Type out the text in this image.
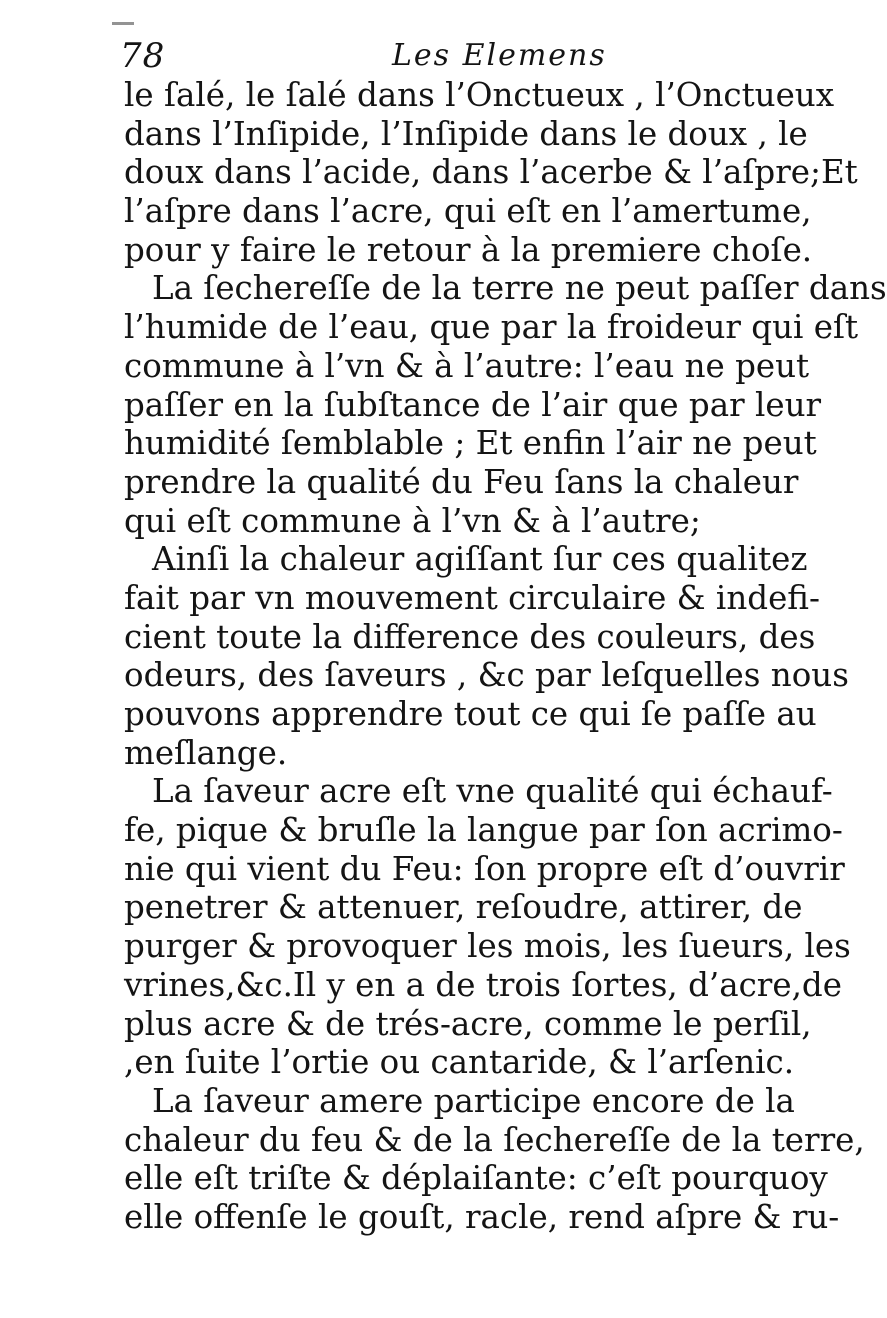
78	Les Elemens
le ſalé, le ſalé dans l’Onctueux , l’Onctueux
dans l’Inſipide, l’Inſipide dans le doux , le
doux dans l’acide, dans l’acerbe & l’aſpre;Et
l’aſpre dans l’acre, qui eſt en l’amertume,
pour y faire le retour à la premiere choſe.
La ſechereſſe de la terre ne peut paſſer dans
l’humide de l’eau, que par la froideur qui eſt
commune à l’vn & à l’autre: l’eau ne peut
paſſer en la ſubſtance de l’air que par leur
humidité ſemblable ; Et enfin l’air ne peut
prendre la qualité du Feu ſans la chaleur
qui eſt commune à l’vn & à l’autre;
Ainſi la chaleur agiſſant ſur ces qualitez
fait par vn mouvement circulaire & indefi-
cient toute la difference des couleurs, des
odeurs, des ſaveurs , &c par leſquelles nous
pouvons apprendre tout ce qui ſe paſſe au
meſlange.
La ſaveur acre eſt vne qualité qui échauf-
fe, pique & bruſle la langue par ſon acrimo-
nie qui vient du Feu: ſon propre eſt d’ouvrir
penetrer & attenuer, reſoudre, attirer, de
purger & provoquer les mois, les ſueurs, les
vrines,&c.Il y en a de trois ſortes, d’acre,de
plus acre & de trés-acre, comme le perſil,
,en ſuite l’ortie ou cantaride, & l’arſenic.
La ſaveur amere participe encore de la
chaleur du feu & de la ſechereſſe de la terre,
elle eſt triſte & déplaiſante: c’eſt pourquoy
elle offenſe le gouſt, racle, rend aſpre & ru-
